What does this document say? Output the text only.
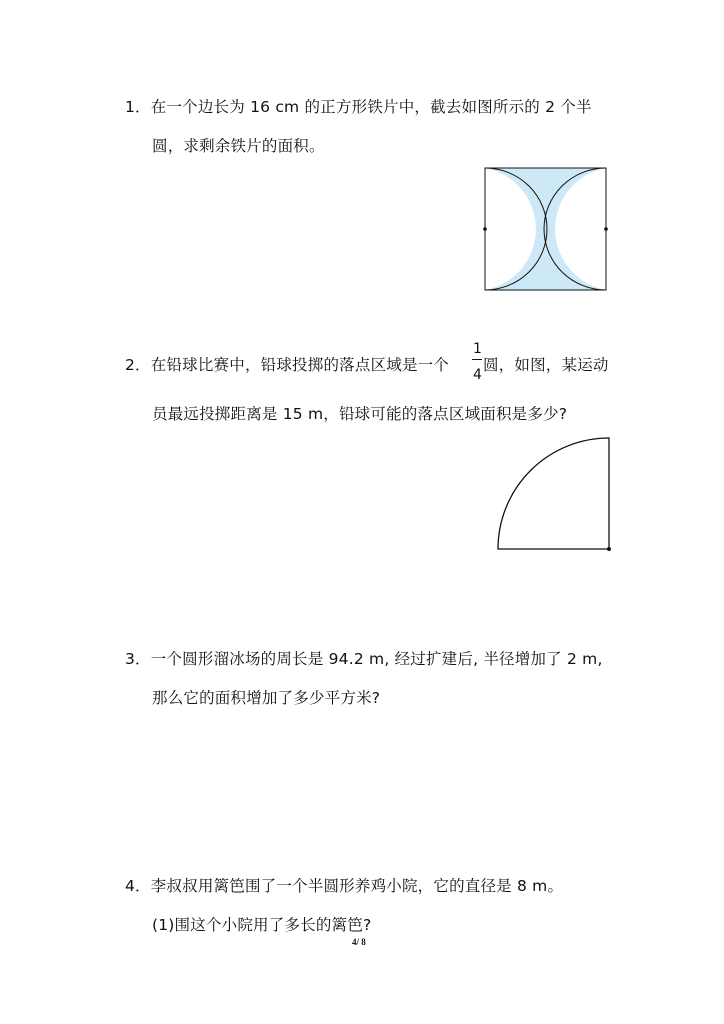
1．在一个边长为 16 cm 的正方形铁片中，截去如图所示的 2 个半
圆，求剩余铁片的面积。
2．在铅球比赛中，铅球投掷的落点区域是一个
1
4
圆，如图，某运动
员最远投掷距离是 15 m，铅球可能的落点区域面积是多少?
3．一个圆形溜冰场的周长是 94.2 m, 经过扩建后, 半径增加了 2 m,
那么它的面积增加了多少平方米?
4．李叔叔用篱笆围了一个半圆形养鸡小院，它的直径是 8 m。
(1)围这个小院用了多长的篱笆?
4/ 8
